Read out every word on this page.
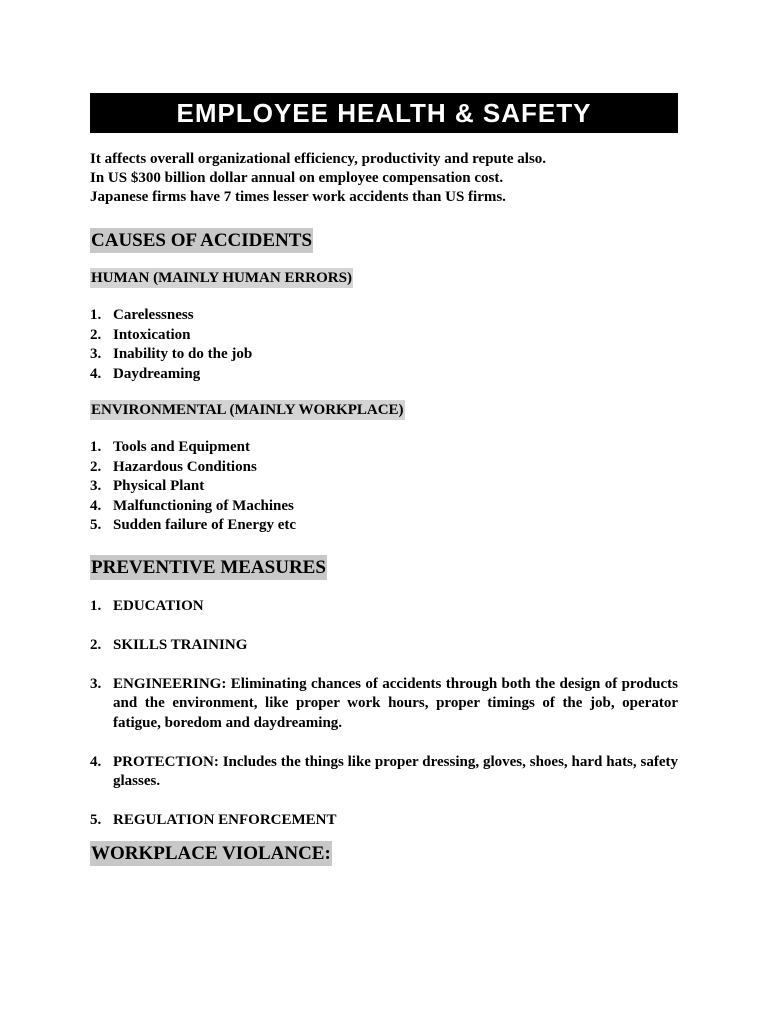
EMPLOYEE HEALTH & SAFETY
It affects overall organizational efficiency, productivity and repute also.
In US $300 billion dollar annual on employee compensation cost.
Japanese firms have 7 times lesser work accidents than US firms.
CAUSES OF ACCIDENTS
HUMAN (MAINLY HUMAN ERRORS)
1. Carelessness
2. Intoxication
3. Inability to do the job
4. Daydreaming
ENVIRONMENTAL (MAINLY WORKPLACE)
1. Tools and Equipment
2. Hazardous Conditions
3. Physical Plant
4. Malfunctioning of Machines
5. Sudden failure of Energy etc
PREVENTIVE MEASURES
1. EDUCATION
2. SKILLS TRAINING
3. ENGINEERING: Eliminating chances of accidents through both the design of products and the environment, like proper work hours, proper timings of the job, operator fatigue, boredom and daydreaming.
4. PROTECTION: Includes the things like proper dressing, gloves, shoes, hard hats, safety glasses.
5. REGULATION ENFORCEMENT
WORKPLACE VIOLANCE:
